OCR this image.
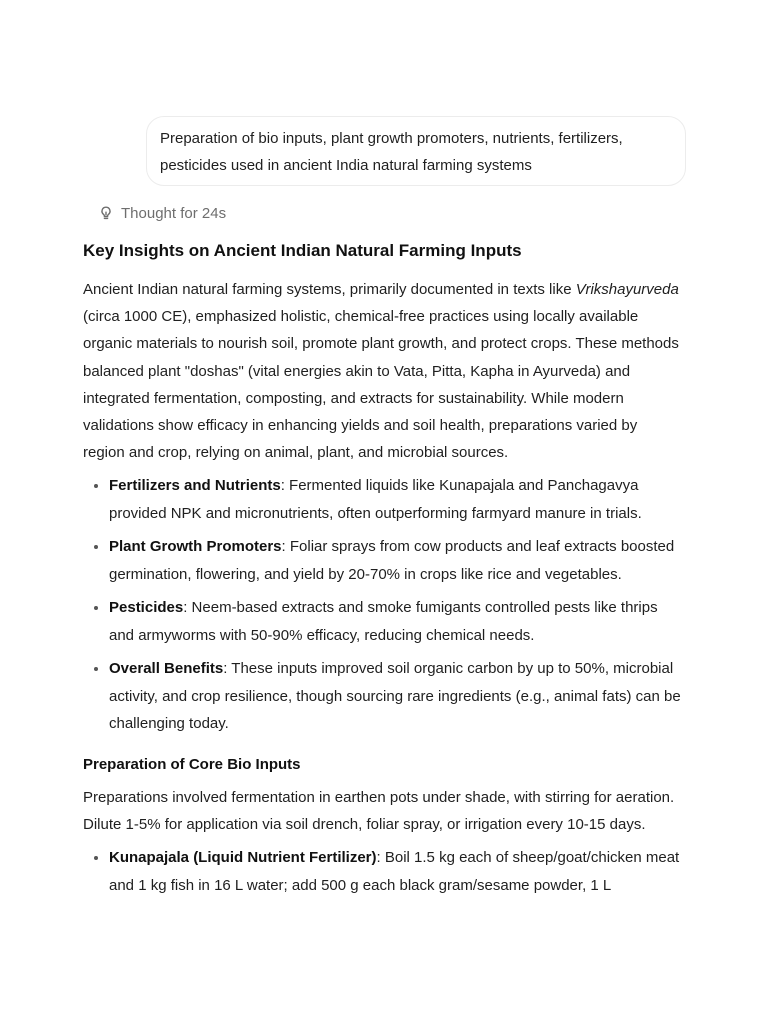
Preparation of bio inputs, plant growth promoters, nutrients, fertilizers, pesticides used in ancient India natural farming systems
Thought for 24s
Key Insights on Ancient Indian Natural Farming Inputs

Ancient Indian natural farming systems, primarily documented in texts like Vrikshayurveda (circa 1000 CE), emphasized holistic, chemical-free practices using locally available organic materials to nourish soil, promote plant growth, and protect crops. These methods balanced plant "doshas" (vital energies akin to Vata, Pitta, Kapha in Ayurveda) and integrated fermentation, composting, and extracts for sustainability. While modern validations show efficacy in enhancing yields and soil health, preparations varied by region and crop, relying on animal, plant, and microbial sources.

• Fertilizers and Nutrients: Fermented liquids like Kunapajala and Panchagavya provided NPK and micronutrients, often outperforming farmyard manure in trials.
• Plant Growth Promoters: Foliar sprays from cow products and leaf extracts boosted germination, flowering, and yield by 20-70% in crops like rice and vegetables.
• Pesticides: Neem-based extracts and smoke fumigants controlled pests like thrips and armyworms with 50-90% efficacy, reducing chemical needs.
• Overall Benefits: These inputs improved soil organic carbon by up to 50%, microbial activity, and crop resilience, though sourcing rare ingredients (e.g., animal fats) can be challenging today.
Preparation of Core Bio Inputs

Preparations involved fermentation in earthen pots under shade, with stirring for aeration. Dilute 1-5% for application via soil drench, foliar spray, or irrigation every 10-15 days.

• Kunapajala (Liquid Nutrient Fertilizer): Boil 1.5 kg each of sheep/goat/chicken meat and 1 kg fish in 16 L water; add 500 g each black gram/sesame powder, 1 L
